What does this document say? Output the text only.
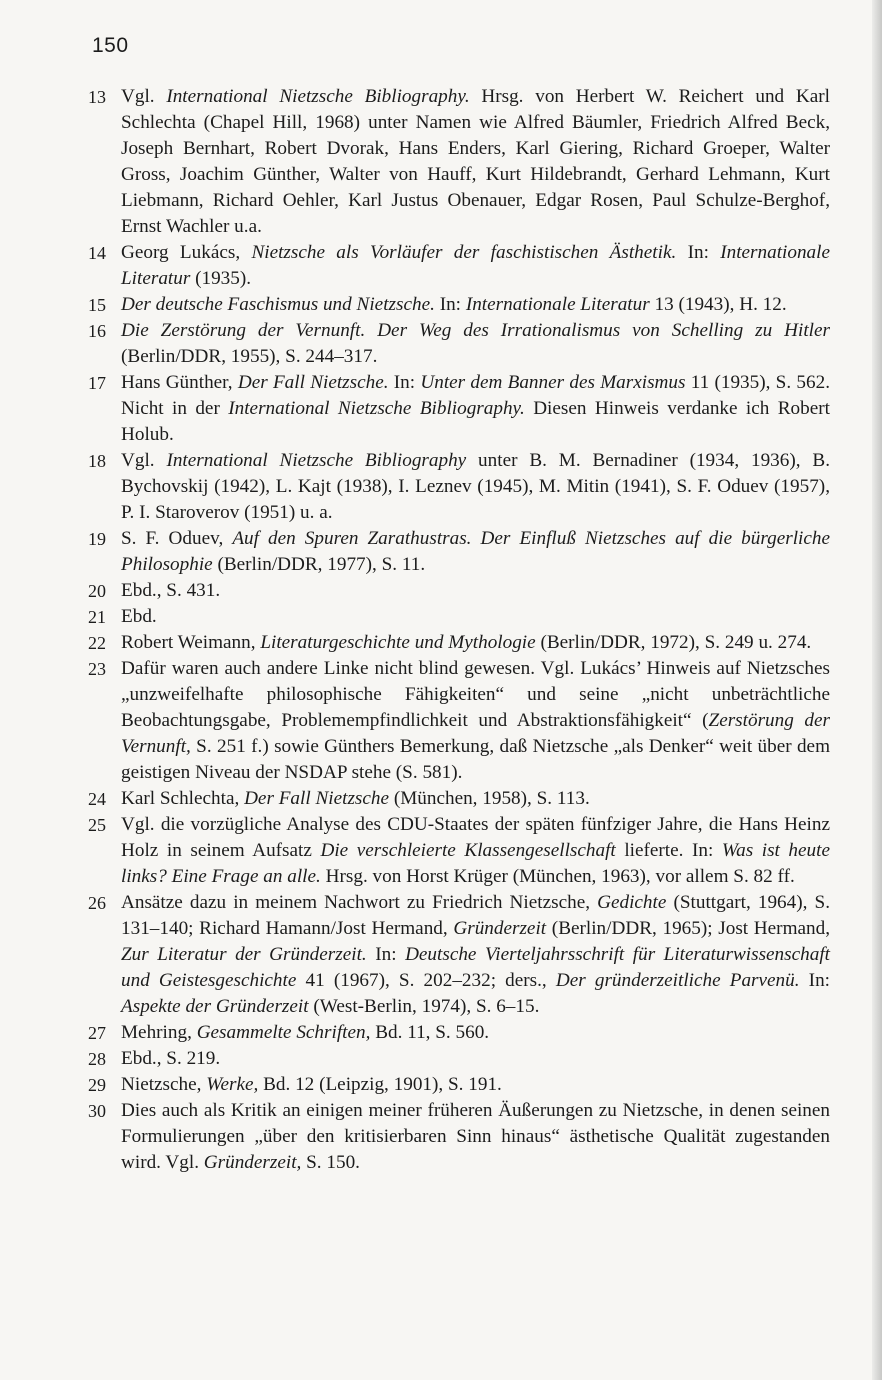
150
13 Vgl. International Nietzsche Bibliography. Hrsg. von Herbert W. Reichert und Karl Schlechta (Chapel Hill, 1968) unter Namen wie Alfred Bäumler, Friedrich Alfred Beck, Joseph Bernhart, Robert Dvorak, Hans Enders, Karl Giering, Richard Groeper, Walter Gross, Joachim Günther, Walter von Hauff, Kurt Hildebrandt, Gerhard Lehmann, Kurt Liebmann, Richard Oehler, Karl Justus Obenauer, Edgar Rosen, Paul Schulze-Berghof, Ernst Wachler u.a.
14 Georg Lukács, Nietzsche als Vorläufer der faschistischen Ästhetik. In: Internationale Literatur (1935).
15 Der deutsche Faschismus und Nietzsche. In: Internationale Literatur 13 (1943), H. 12.
16 Die Zerstörung der Vernunft. Der Weg des Irrationalismus von Schelling zu Hitler (Berlin/DDR, 1955), S. 244–317.
17 Hans Günther, Der Fall Nietzsche. In: Unter dem Banner des Marxismus 11 (1935), S. 562. Nicht in der International Nietzsche Bibliography. Diesen Hinweis verdanke ich Robert Holub.
18 Vgl. International Nietzsche Bibliography unter B. M. Bernadiner (1934, 1936), B. Bychovskij (1942), L. Kajt (1938), I. Leznev (1945), M. Mitin (1941), S. F. Oduev (1957), P. I. Staroverov (1951) u. a.
19 S. F. Oduev, Auf den Spuren Zarathustras. Der Einfluß Nietzsches auf die bürgerliche Philosophie (Berlin/DDR, 1977), S. 11.
20 Ebd., S. 431.
21 Ebd.
22 Robert Weimann, Literaturgeschichte und Mythologie (Berlin/DDR, 1972), S. 249 u. 274.
23 Dafür waren auch andere Linke nicht blind gewesen. Vgl. Lukács’ Hinweis auf Nietzsches „unzweifelhafte philosophische Fähigkeiten“ und seine „nicht unbeträchtliche Beobachtungsgabe, Problemempfindlichkeit und Abstraktionsfähigkeit“ (Zerstörung der Vernunft, S. 251 f.) sowie Günthers Bemerkung, daß Nietzsche „als Denker“ weit über dem geistigen Niveau der NSDAP stehe (S. 581).
24 Karl Schlechta, Der Fall Nietzsche (München, 1958), S. 113.
25 Vgl. die vorzügliche Analyse des CDU-Staates der späten fünfziger Jahre, die Hans Heinz Holz in seinem Aufsatz Die verschleierte Klassengesellschaft lieferte. In: Was ist heute links? Eine Frage an alle. Hrsg. von Horst Krüger (München, 1963), vor allem S. 82 ff.
26 Ansätze dazu in meinem Nachwort zu Friedrich Nietzsche, Gedichte (Stuttgart, 1964), S. 131–140; Richard Hamann/Jost Hermand, Gründerzeit (Berlin/DDR, 1965); Jost Hermand, Zur Literatur der Gründerzeit. In: Deutsche Vierteljahrsschrift für Literaturwissenschaft und Geistesgeschichte 41 (1967), S. 202–232; ders., Der gründerzeitliche Parvenü. In: Aspekte der Gründerzeit (West-Berlin, 1974), S. 6–15.
27 Mehring, Gesammelte Schriften, Bd. 11, S. 560.
28 Ebd., S. 219.
29 Nietzsche, Werke, Bd. 12 (Leipzig, 1901), S. 191.
30 Dies auch als Kritik an einigen meiner früheren Äußerungen zu Nietzsche, in denen seinen Formulierungen „über den kritisierbaren Sinn hinaus“ ästhetische Qualität zugestanden wird. Vgl. Gründerzeit, S. 150.
